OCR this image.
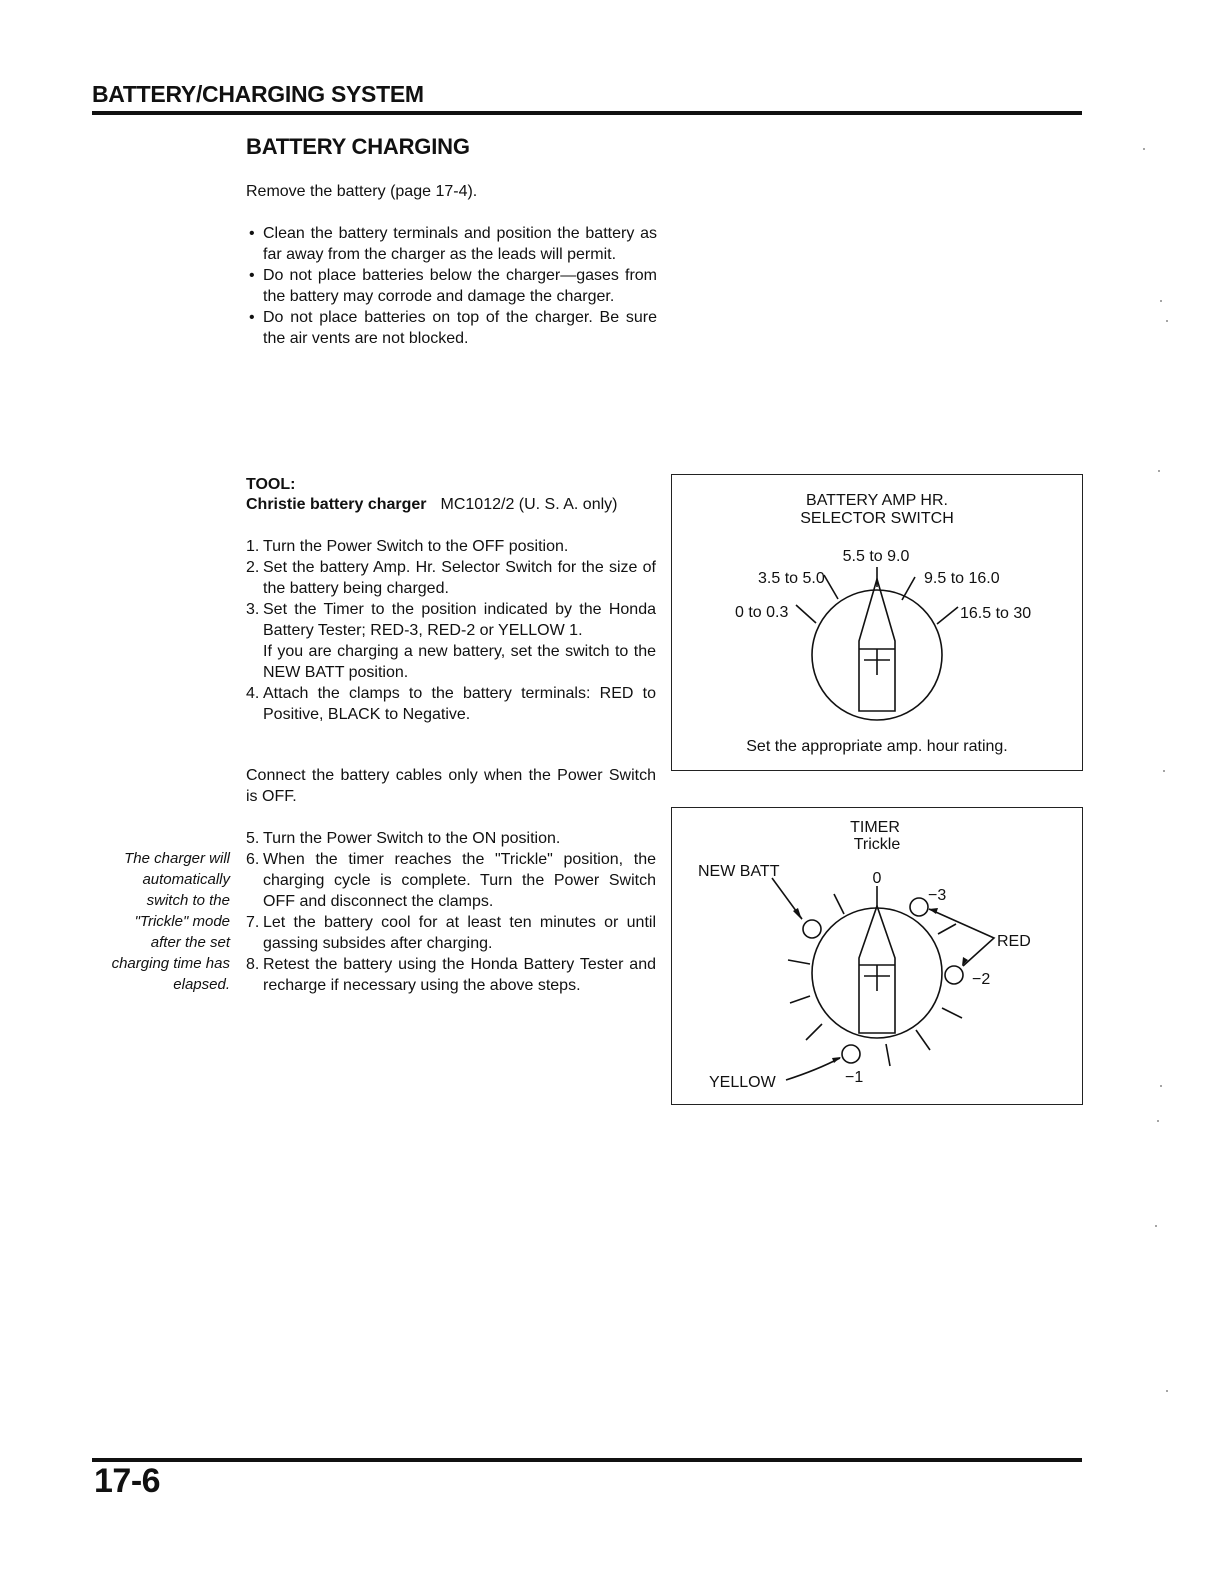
BATTERY/CHARGING SYSTEM
BATTERY CHARGING
Remove the battery (page 17-4).
• Clean the battery terminals and position the battery as far away from the charger as the leads will permit.
• Do not place batteries below the charger—gases from the battery may corrode and damage the charger.
• Do not place batteries on top of the charger. Be sure the air vents are not blocked.
TOOL:
Christie battery charger MC1012/2 (U. S. A. only)
1. Turn the Power Switch to the OFF position.
2. Set the battery Amp. Hr. Selector Switch for the size of the battery being charged.
3. Set the Timer to the position indicated by the Honda Battery Tester; RED-3, RED-2 or YELLOW 1.
If you are charging a new battery, set the switch to the NEW BATT position.
4. Attach the clamps to the battery terminals: RED to Positive, BLACK to Negative.
Connect the battery cables only when the Power Switch is OFF.
5. Turn the Power Switch to the ON position.
6. When the timer reaches the "Trickle" position, the charging cycle is complete. Turn the Power Switch OFF and disconnect the clamps.
7. Let the battery cool for at least ten minutes or until gassing subsides after charging.
8. Retest the battery using the Honda Battery Tester and recharge if necessary using the above steps.
The charger will
automatically
switch to the
"Trickle" mode
after the set
charging time has
elapsed.
BATTERY AMP HR.
SELECTOR SWITCH
5.5 to 9.0
3.5 to 5.0	9.5 to 16.0
0 to 0.3	16.5 to 30
Set the appropriate amp. hour rating.
TIMER
Trickle
NEW BATT	0
−3
RED
−2
YELLOW	−1
17-6
